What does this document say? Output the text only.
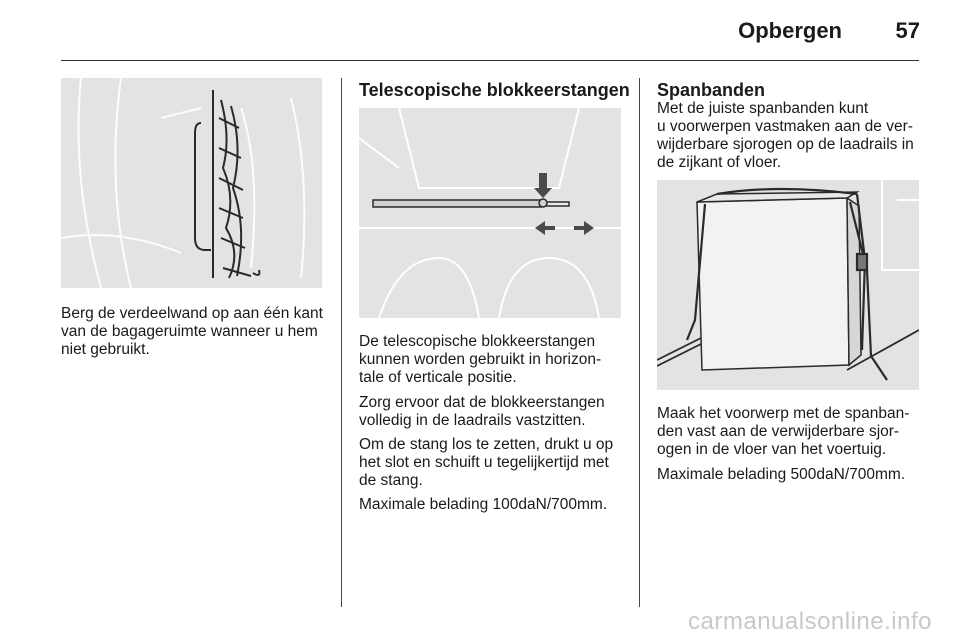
Opbergen 57

Berg de verdeelwand op aan één kant
van de bagageruimte wanneer u hem
niet gebruikt.

Telescopische blokkeerstangen

De telescopische blokkeerstangen
kunnen worden gebruikt in horizon-
tale of verticale positie.

Zorg ervoor dat de blokkeerstangen
volledig in de laadrails vastzitten.

Om de stang los te zetten, drukt u op
het slot en schuift u tegelijkertijd met
de stang.

Maximale belading 100daN/700mm.

Spanbanden

Met de juiste spanbanden kunt
u voorwerpen vastmaken aan de ver-
wijderbare sjorogen op de laadrails in
de zijkant of vloer.

Maak het voorwerp met de spanban-
den vast aan de verwijderbare sjor-
ogen in de vloer van het voertuig.

Maximale belading 500daN/700mm.

carmanualsonline.info
